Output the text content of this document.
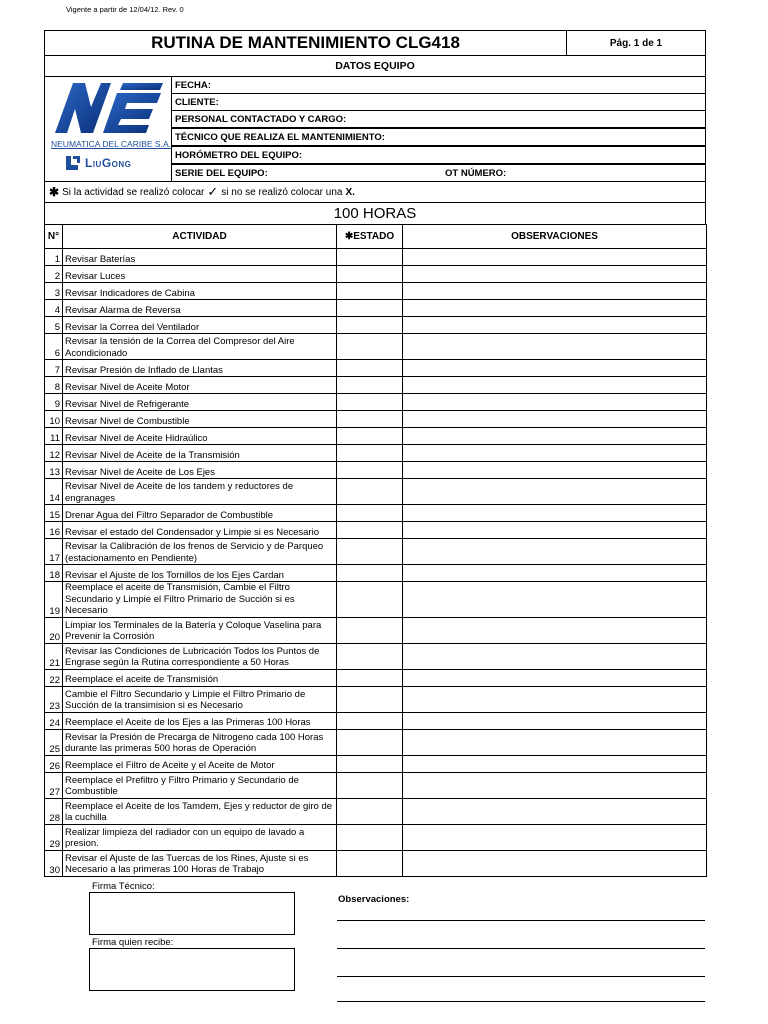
Vigente a partir de 12/04/12. Rev. 0
RUTINA DE MANTENIMIENTO CLG418	Pág. 1 de 1
DATOS EQUIPO
NEUMATICA DEL CARIBE S.A.
LiuGong
FECHA:
CLIENTE:
PERSONAL CONTACTADO Y CARGO:
TÉCNICO QUE REALIZA EL MANTENIMIENTO:
HORÓMETRO DEL EQUIPO:
SERIE DEL EQUIPO:	OT NÚMERO:
✱ Si la actividad se realizó colocar ✓ si no se realizó colocar una X.
100 HORAS
N°	ACTIVIDAD	✱ESTADO	OBSERVACIONES
1	Revisar Baterías		
2	Revisar Luces		
3	Revisar Indicadores de Cabina		
4	Revisar Alarma de Reversa		
5	Revisar la Correa del Ventilador		
6	Revisar la tensión de la Correa del Compresor del Aire Acondicionado		
7	Revisar Presión de Inflado de Llantas		
8	Revisar Nivel de Aceite Motor		
9	Revisar Nivel de Refrigerante		
10	Revisar Nivel de Combustible		
11	Revisar Nivel de Aceite Hidraúlico		
12	Revisar Nivel de Aceite de la Transmisión		
13	Revisar Nivel de Aceite de Los Ejes		
14	Revisar Nivel de Aceite de los tandem y reductores de engranages		
15	Drenar Agua del Filtro Separador de Combustible		
16	Revisar el estado del Condensador y Limpie si es Necesario		
17	Revisar la Calibración de los frenos de Servicio y de Parqueo (estacionamento en Pendiente)		
18	Revisar el Ajuste de los Tornillos de los Ejes Cardan		
19	Reemplace el aceite de Transmisión, Cambie el Filtro Secundario y Limpie el Filtro Primario de Succión si es Necesario		
20	Limpiar los Terminales de la Batería y Coloque Vaselina para Prevenir la Corrosión		
21	Revisar las Condiciones de Lubricación Todos los Puntos de Engrase según la Rutina correspondiente a 50 Horas		
22	Reemplace el aceite de Transmisión		
23	Cambie el Filtro Secundario y Limpie el Filtro Primario de Succión de la transimision si es Necesario		
24	Reemplace el Aceite de los Ejes a las Primeras 100 Horas		
25	Revisar la Presión de Precarga de Nitrogeno cada 100 Horas durante las primeras 500 horas de Operación		
26	Reemplace el Filtro de Aceite y el Aceite de Motor		
27	Reemplace el Prefiltro y Filtro Primario y Secundario de Combustible		
28	Reemplace el Aceite de los Tamdem, Ejes y reductor de giro de la cuchilla		
29	Realizar limpieza del radiador con un equipo de lavado a presion.		
30	Revisar el Ajuste de las Tuercas de los Rines, Ajuste si es Necesario a las primeras 100 Horas de Trabajo		
Firma Técnico:
Firma quien recibe:
Observaciones:
